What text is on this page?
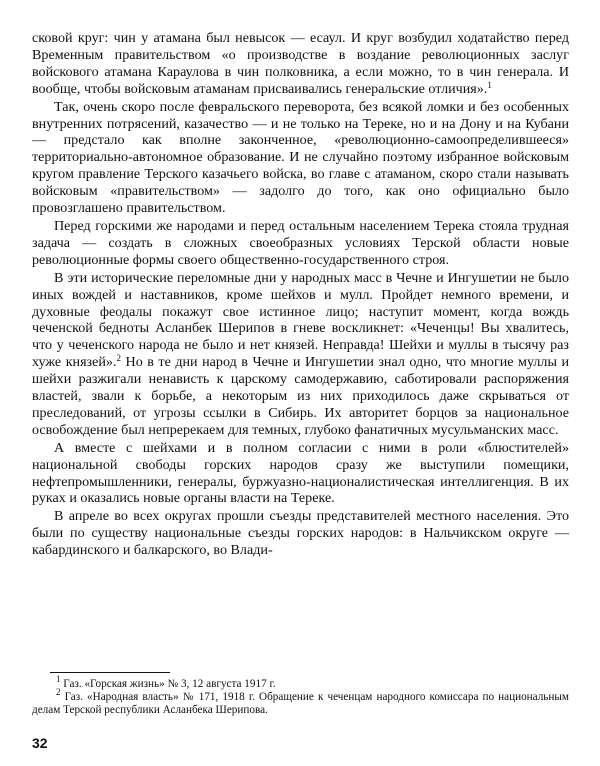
сковой круг: чин у атамана был невысок — есаул. И круг возбудил ходатайство перед Временным правительством «о производстве в воздание революционных заслуг войскового атамана Караулова в чин полковника, а если можно, то в чин генерала. И вообще, чтобы войсковым атаманам присваивались генеральские отличия».$^1$

Так, очень скоро после февральского переворота, без всякой ломки и без особенных внутренних потрясений, казачество — и не только на Тереке, но и на Дону и на Кубани — предстало как вполне законченное, «революционно-самоопределившееся» территориально-автономное образование. И не случайно поэтому избранное войсковым кругом правление Терского казачьего войска, во главе с атаманом, скоро стали называть войсковым «правительством» — задолго до того, как оно официально было провозглашено правительством.

Перед горскими же народами и перед остальным населением Терека стояла трудная задача — создать в сложных своеобразных условиях Терской области новые революционные формы своего общественно-государственного строя.

В эти исторические переломные дни у народных масс в Чечне и Ингушетии не было иных вождей и наставников, кроме шейхов и мулл. Пройдет немного времени, и духовные феодалы покажут свое истинное лицо; наступит момент, когда вождь чеченской бедноты Асланбек Шерипов в гневе воскликнет: «Чеченцы! Вы хвалитесь, что у чеченского народа не было и нет князей. Неправда! Шейхи и муллы в тысячу раз хуже князей».$^2$ Но в те дни народ в Чечне и Ингушетии знал одно, что многие муллы и шейхи разжигали ненависть к царскому самодержавию, саботировали распоряжения властей, звали к борьбе, а некоторым из них приходилось даже скрываться от преследований, от угрозы ссылки в Сибирь. Их авторитет борцов за национальное освобождение был непререкаем для темных, глубоко фанатичных мусульманских масс.

А вместе с шейхами и в полном согласии с ними в роли «блюстителей» национальной свободы горских народов сразу же выступили помещики, нефтепромышленники, генералы, буржуазно-националистическая интеллигенция. В их руках и оказались новые органы власти на Тереке.

В апреле во всех округах прошли съезды представителей местного населения. Это были по существу национальные съезды горских народов: в Нальчикском округе — кабардинского и балкарского, во Влади-

$^1$ Газ. «Горская жизнь» № 3, 12 августа 1917 г.

$^2$ Газ. «Народная власть» № 171, 1918 г. Обращение к чеченцам народного комиссара по национальным делам Терской республики Асланбека Шерипова.

32
